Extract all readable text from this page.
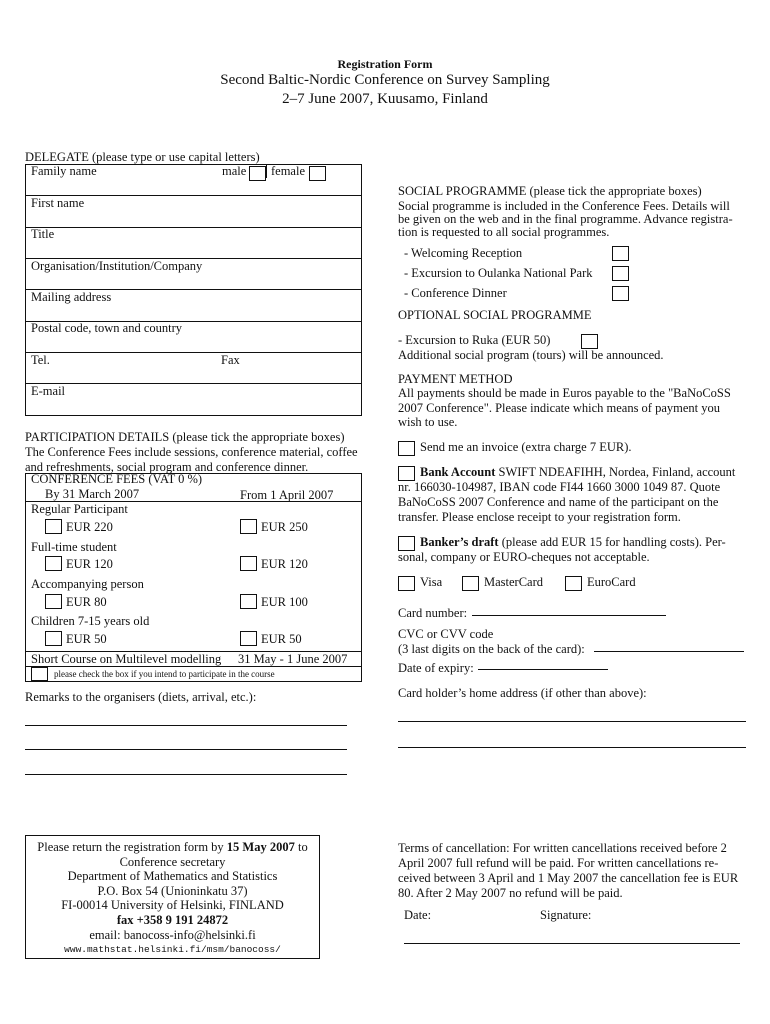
Registration Form
Second Baltic-Nordic Conference on Survey Sampling
2–7 June 2007, Kuusamo, Finland
DELEGATE (please type or use capital letters)
Family name	male female
First name
Title
Organisation/Institution/Company
Mailing address
Postal code, town and country
Tel.	Fax
E-mail
PARTICIPATION DETAILS (please tick the appropriate boxes)
The Conference Fees include sessions, conference material, coffee
and refreshments, social program and conference dinner.
CONFERENCE FEES (VAT 0 %)
By 31 March 2007	From 1 April 2007
Regular Participant
EUR 220	EUR 250
Full-time student
EUR 120	EUR 120
Accompanying person
EUR 80	EUR 100
Children 7-15 years old
EUR 50	EUR 50
Short Course on Multilevel modelling 31 May - 1 June 2007
please check the box if you intend to participate in the course
Remarks to the organisers (diets, arrival, etc.):
SOCIAL PROGRAMME (please tick the appropriate boxes)
Social programme is included in the Conference Fees. Details will
be given on the web and in the final programme. Advance registra-
tion is requested to all social programmes.
- Welcoming Reception
- Excursion to Oulanka National Park
- Conference Dinner
OPTIONAL SOCIAL PROGRAMME
- Excursion to Ruka (EUR 50)
Additional social program (tours) will be announced.
PAYMENT METHOD
All payments should be made in Euros payable to the "BaNoCoSS
2007 Conference". Please indicate which means of payment you
wish to use.
Send me an invoice (extra charge 7 EUR).
Bank Account SWIFT NDEAFIHH, Nordea, Finland, account
nr. 166030-104987, IBAN code FI44 1660 3000 1049 87. Quote
BaNoCoSS 2007 Conference and name of the participant on the
transfer. Please enclose receipt to your registration form.
Banker’s draft (please add EUR 15 for handling costs). Per-
sonal, company or EURO-cheques not acceptable.
Visa	MasterCard	EuroCard
Card number:
CVC or CVV code
(3 last digits on the back of the card):
Date of expiry:
Card holder’s home address (if other than above):
Please return the registration form by 15 May 2007 to
Conference secretary
Department of Mathematics and Statistics
P.O. Box 54 (Unioninkatu 37)
FI-00014 University of Helsinki, FINLAND
fax +358 9 191 24872
email: banocoss-info@helsinki.fi
www.mathstat.helsinki.fi/msm/banocoss/
Terms of cancellation: For written cancellations received before 2
April 2007 full refund will be paid. For written cancellations re-
ceived between 3 April and 1 May 2007 the cancellation fee is EUR
80. After 2 May 2007 no refund will be paid.
Date:	Signature:
